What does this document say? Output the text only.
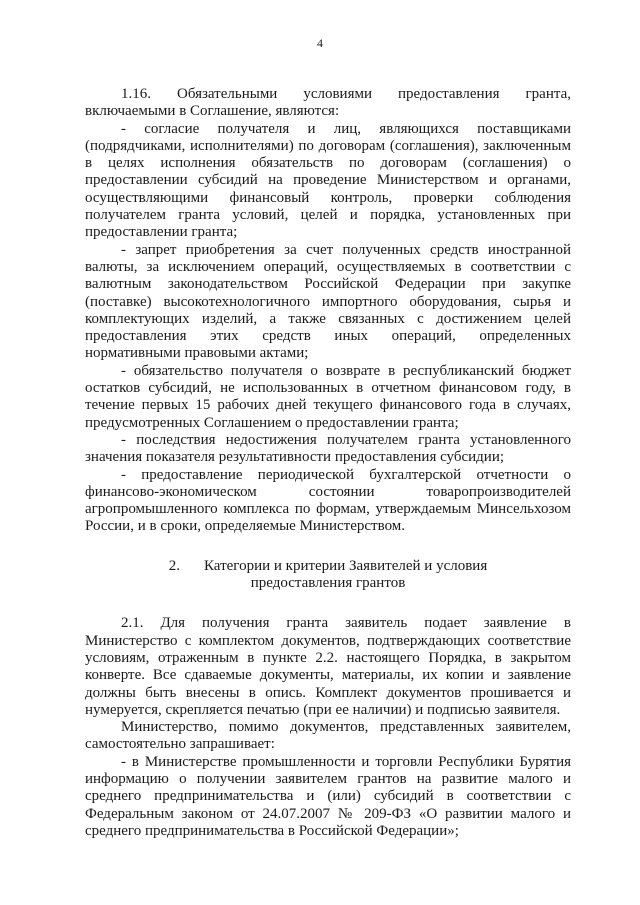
4

1.16. Обязательными условиями предоставления гранта, включаемыми в Соглашение, являются:

- согласие получателя и лиц, являющихся поставщиками (подрядчиками, исполнителями) по договорам (соглашения), заключенным в целях исполнения обязательств по договорам (соглашения) о предоставлении субсидий на проведение Министерством и органами, осуществляющими финансовый контроль, проверки соблюдения получателем гранта условий, целей и порядка, установленных при предоставлении гранта;

- запрет приобретения за счет полученных средств иностранной валюты, за исключением операций, осуществляемых в соответствии с валютным законодательством Российской Федерации при закупке (поставке) высокотехнологичного импортного оборудования, сырья и комплектующих изделий, а также связанных с достижением целей предоставления этих средств иных операций, определенных нормативными правовыми актами;

- обязательство получателя о возврате в республиканский бюджет остатков субсидий, не использованных в отчетном финансовом году, в течение первых 15 рабочих дней текущего финансового года в случаях, предусмотренных Соглашением о предоставлении гранта;

- последствия недостижения получателем гранта установленного значения показателя результативности предоставления субсидии;

- предоставление периодической бухгалтерской отчетности о финансово-экономическом состоянии товаропроизводителей агропромышленного комплекса по формам, утверждаемым Минсельхозом России, и в сроки, определяемые Министерством.

2. Категории и критерии Заявителей и условия
предоставления грантов

2.1. Для получения гранта заявитель подает заявление в Министерство с комплектом документов, подтверждающих соответствие условиям, отраженным в пункте 2.2. настоящего Порядка, в закрытом конверте. Все сдаваемые документы, материалы, их копии и заявление должны быть внесены в опись. Комплект документов прошивается и нумеруется, скрепляется печатью (при ее наличии) и подписью заявителя.

Министерство, помимо документов, представленных заявителем, самостоятельно запрашивает:

- в Министерстве промышленности и торговли Республики Бурятия информацию о получении заявителем грантов на развитие малого и среднего предпринимательства и (или) субсидий в соответствии с Федеральным законом от 24.07.2007 № 209-ФЗ «О развитии малого и среднего предпринимательства в Российской Федерации»;
